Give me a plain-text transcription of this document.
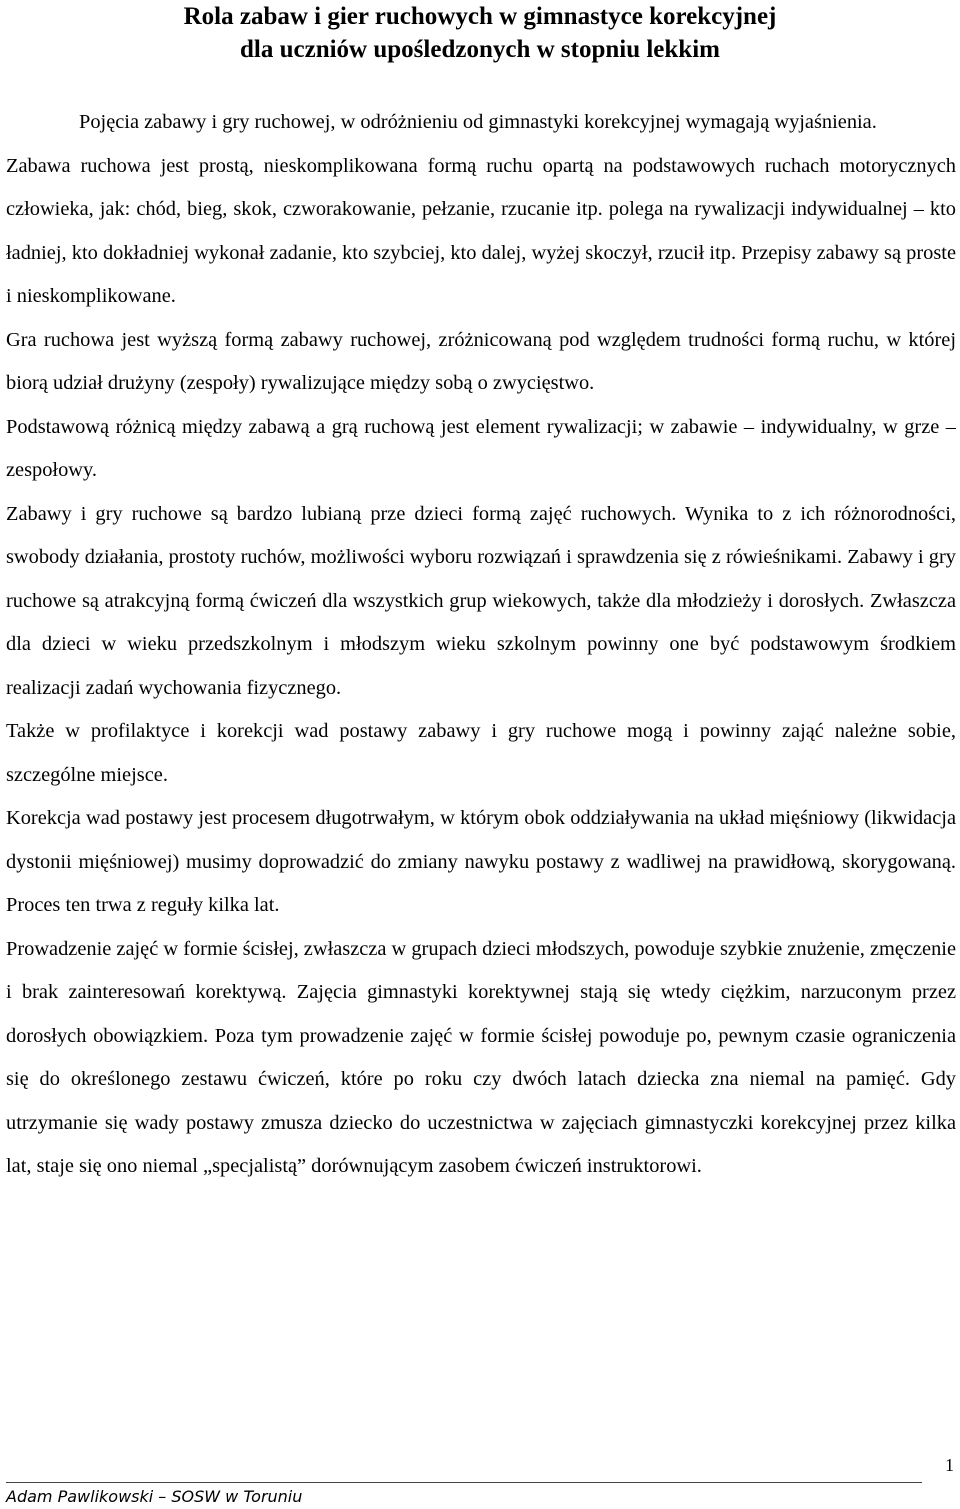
Rola zabaw i gier ruchowych w gimnastyce korekcyjnej
dla uczniów upośledzonych w stopniu lekkim

Pojęcia zabawy i gry ruchowej, w odróżnieniu od gimnastyki korekcyjnej wymagają wyjaśnienia.

Zabawa ruchowa jest prostą, nieskomplikowana formą ruchu opartą na podstawowych ruchach motorycznych człowieka, jak: chód, bieg, skok, czworakowanie, pełzanie, rzucanie itp. polega na rywalizacji indywidualnej – kto ładniej, kto dokładniej wykonał zadanie, kto szybciej, kto dalej, wyżej skoczył, rzucił itp. Przepisy zabawy są proste i nieskomplikowane.

Gra ruchowa jest wyższą formą zabawy ruchowej, zróżnicowaną pod względem trudności formą ruchu, w której biorą udział drużyny (zespoły) rywalizujące między sobą o zwycięstwo.

Podstawową różnicą między zabawą a grą ruchową jest element rywalizacji; w zabawie – indywidualny, w grze – zespołowy.

Zabawy i gry ruchowe są bardzo lubianą prze dzieci formą zajęć ruchowych. Wynika to z ich różnorodności, swobody działania, prostoty ruchów, możliwości wyboru rozwiązań i sprawdzenia się z rówieśnikami. Zabawy i gry ruchowe są atrakcyjną formą ćwiczeń dla wszystkich grup wiekowych, także dla młodzieży i dorosłych. Zwłaszcza dla dzieci w wieku przedszkolnym i młodszym wieku szkolnym powinny one być podstawowym środkiem realizacji zadań wychowania fizycznego.

Także w profilaktyce i korekcji wad postawy zabawy i gry ruchowe mogą i powinny zająć należne sobie, szczególne miejsce.

Korekcja wad postawy jest procesem długotrwałym, w którym obok oddziaływania na układ mięśniowy (likwidacja dystonii mięśniowej) musimy doprowadzić do zmiany nawyku postawy z wadliwej na prawidłową, skorygowaną. Proces ten trwa z reguły kilka lat.

Prowadzenie zajęć w formie ścisłej, zwłaszcza w grupach dzieci młodszych, powoduje szybkie znużenie, zmęczenie i brak zainteresowań korektywą. Zajęcia gimnastyki korektywnej stają się wtedy ciężkim, narzuconym przez dorosłych obowiązkiem. Poza tym prowadzenie zajęć w formie ścisłej powoduje po, pewnym czasie ograniczenia się do określonego zestawu ćwiczeń, które po roku czy dwóch latach dziecka zna niemal na pamięć. Gdy utrzymanie się wady postawy zmusza dziecko do uczestnictwa w zajęciach gimnastyczki korekcyjnej przez kilka lat, staje się ono niemal „specjalistą” dorównującym zasobem ćwiczeń instruktorowi.

1
Adam Pawlikowski – SOSW w Toruniu
